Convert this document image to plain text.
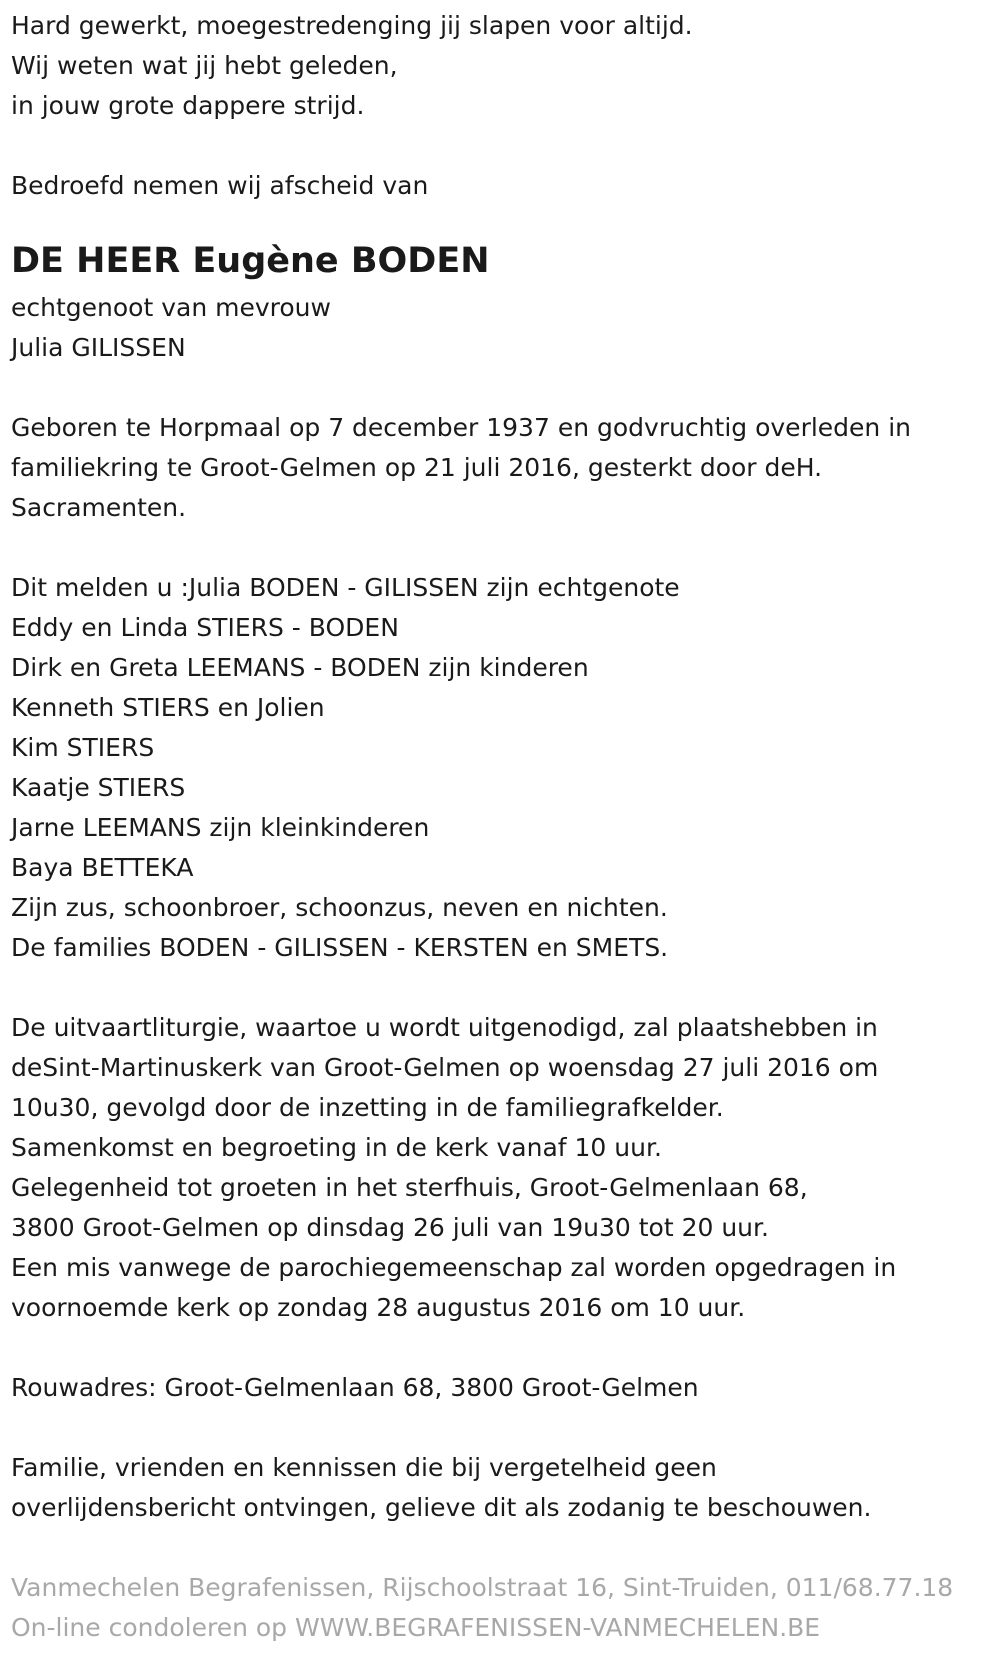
Hard gewerkt, moegestredenging jij slapen voor altijd.
Wij weten wat jij hebt geleden,
in jouw grote dappere strijd.
Bedroefd nemen wij afscheid van
DE HEER Eugène BODEN
echtgenoot van mevrouw
Julia GILISSEN
Geboren te Horpmaal op 7 december 1937 en godvruchtig overleden in
familiekring te Groot-Gelmen op 21 juli 2016, gesterkt door deH.
Sacramenten.
Dit melden u :Julia BODEN - GILISSEN zijn echtgenote
Eddy en Linda STIERS - BODEN
Dirk en Greta LEEMANS - BODEN zijn kinderen
Kenneth STIERS en Jolien
Kim STIERS
Kaatje STIERS
Jarne LEEMANS zijn kleinkinderen
Baya BETTEKA
Zijn zus, schoonbroer, schoonzus, neven en nichten.
De families BODEN - GILISSEN - KERSTEN en SMETS.
De uitvaartliturgie, waartoe u wordt uitgenodigd, zal plaatshebben in
deSint-Martinuskerk van Groot-Gelmen op woensdag 27 juli 2016 om
10u30, gevolgd door de inzetting in de familiegrafkelder.
Samenkomst en begroeting in de kerk vanaf 10 uur.
Gelegenheid tot groeten in het sterfhuis, Groot-Gelmenlaan 68,
3800 Groot-Gelmen op dinsdag 26 juli van 19u30 tot 20 uur.
Een mis vanwege de parochiegemeenschap zal worden opgedragen in
voornoemde kerk op zondag 28 augustus 2016 om 10 uur.
Rouwadres: Groot-Gelmenlaan 68, 3800 Groot-Gelmen
Familie, vrienden en kennissen die bij vergetelheid geen
overlijdensbericht ontvingen, gelieve dit als zodanig te beschouwen.
Vanmechelen Begrafenissen, Rijschoolstraat 16, Sint-Truiden, 011/68.77.18
On-line condoleren op WWW.BEGRAFENISSEN-VANMECHELEN.BE
